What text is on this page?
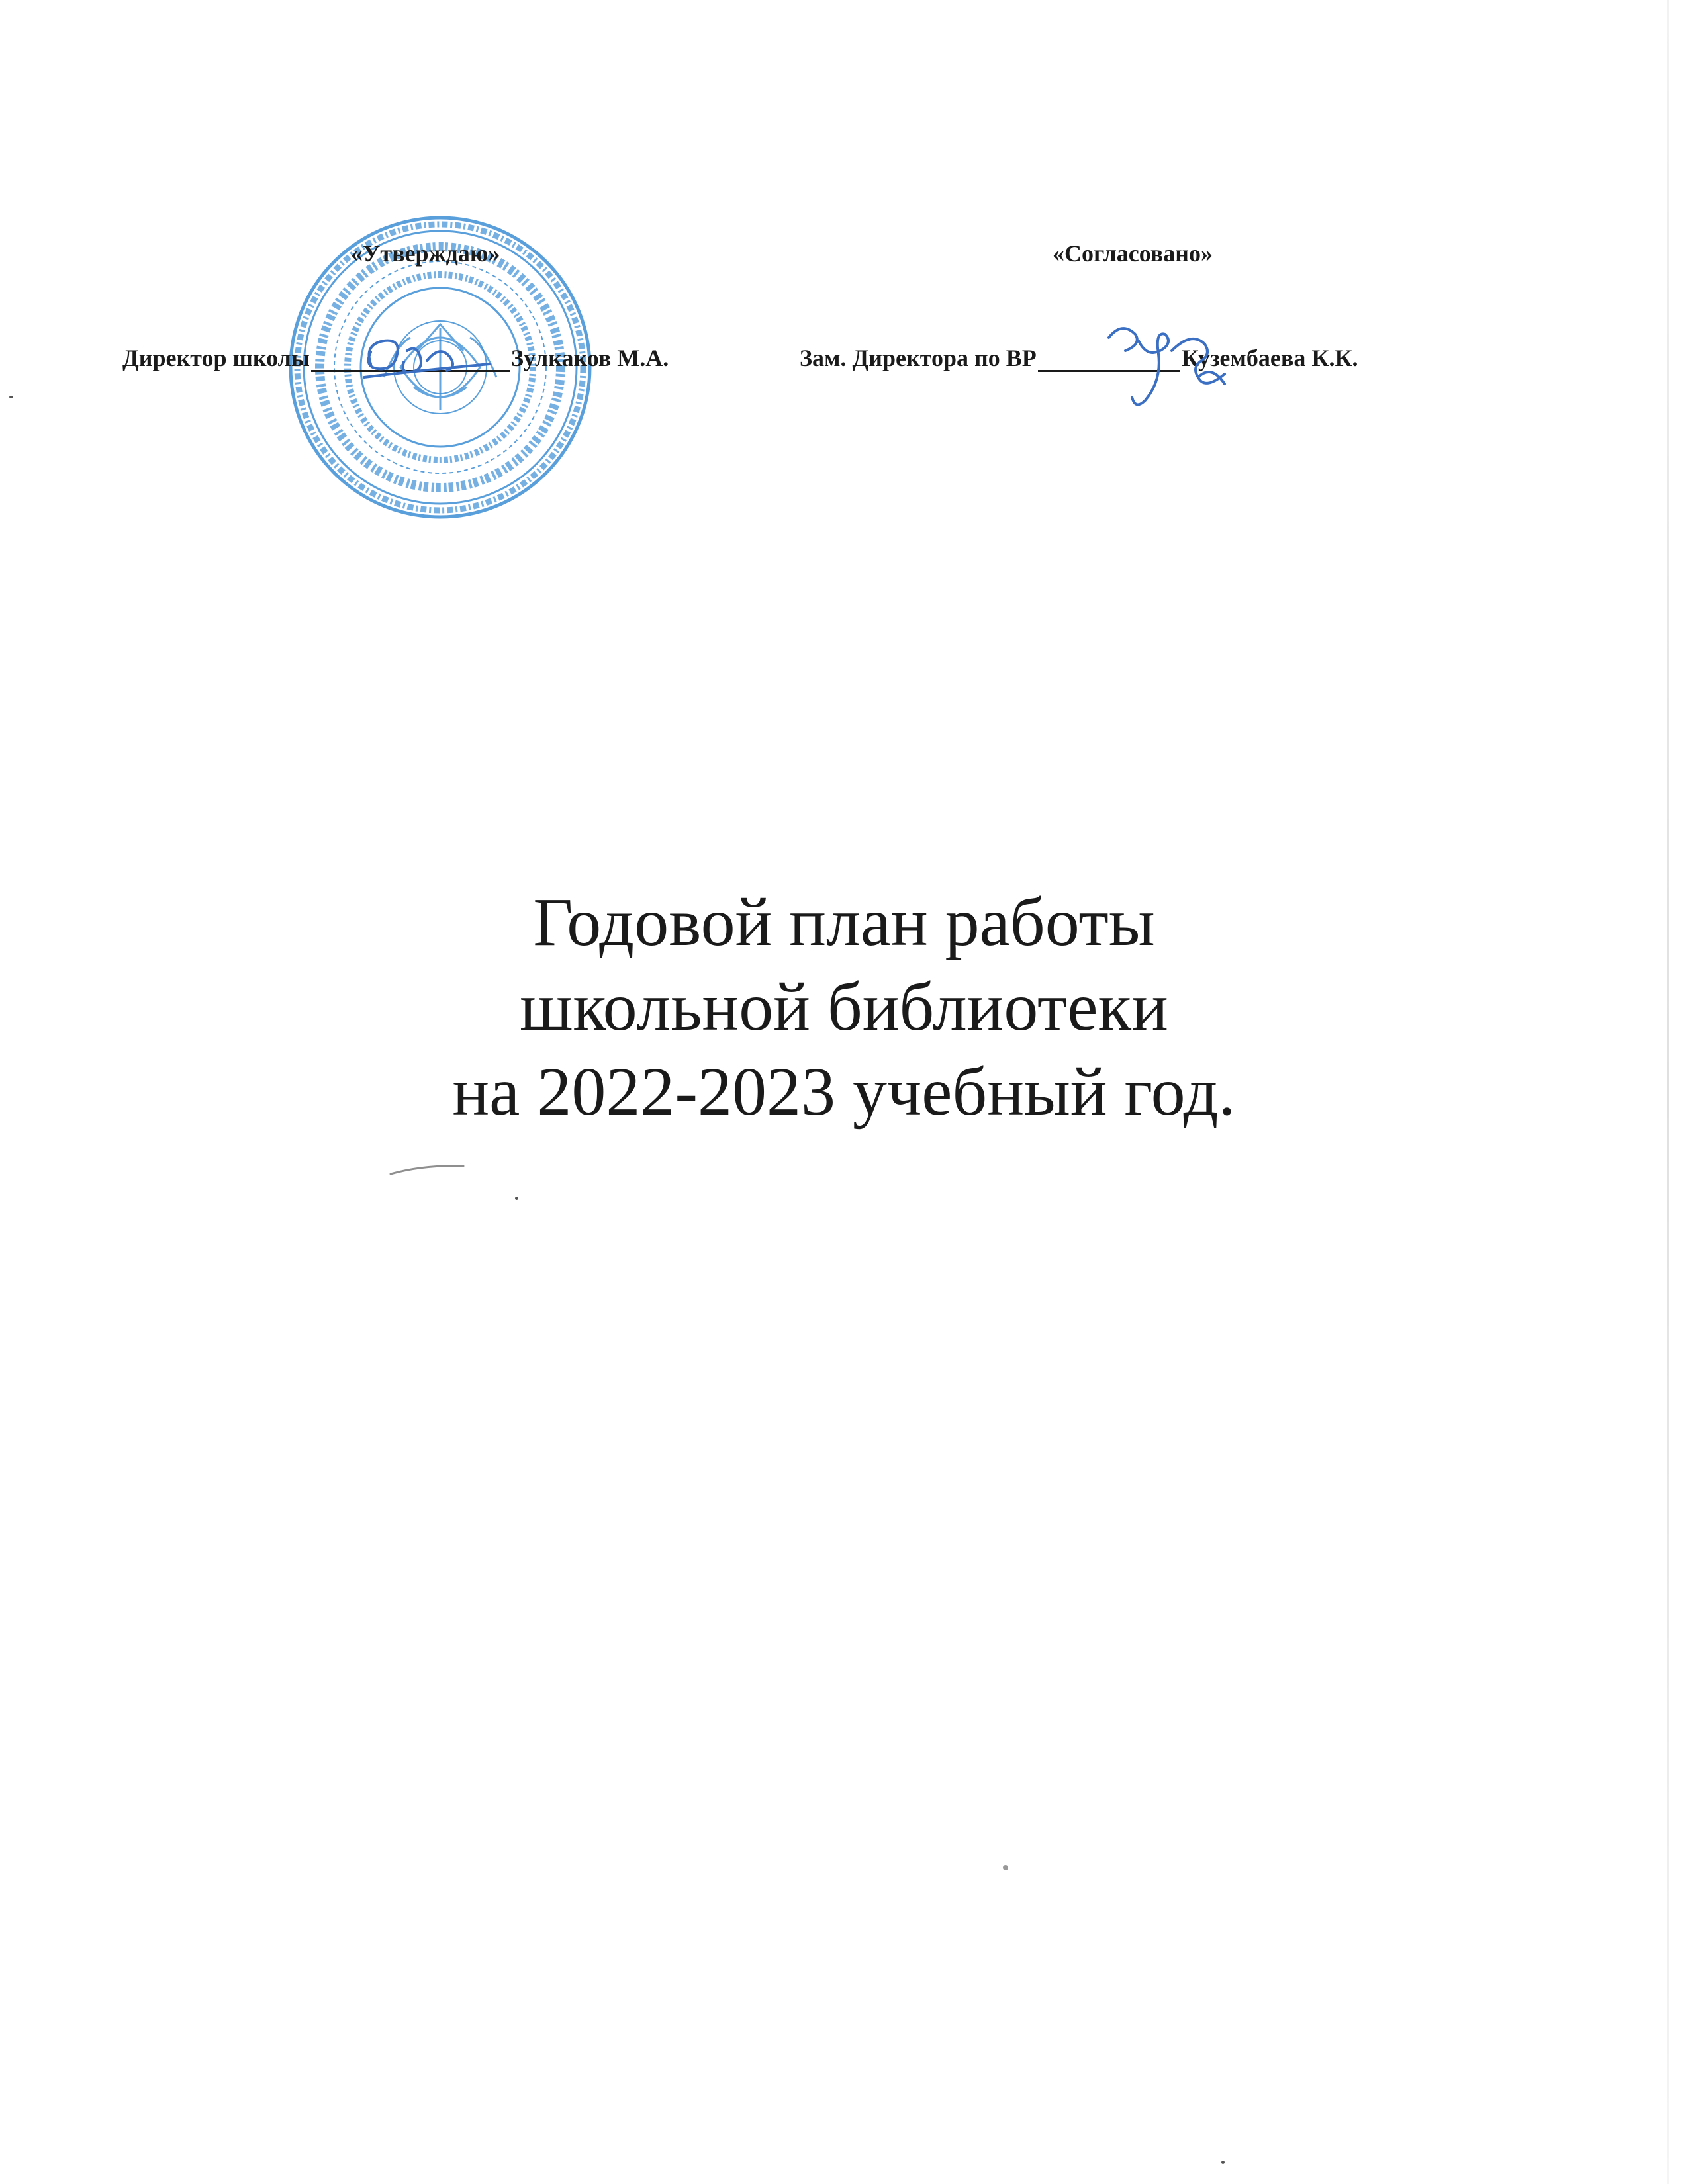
«Утверждаю»	«Согласовано»
Директор школы	Зулкаков М.А.	Зам. Директора по ВР	Кузембаева К.К.
Годовой план работы
школьной библиотеки
на 2022-2023 учебный год.
